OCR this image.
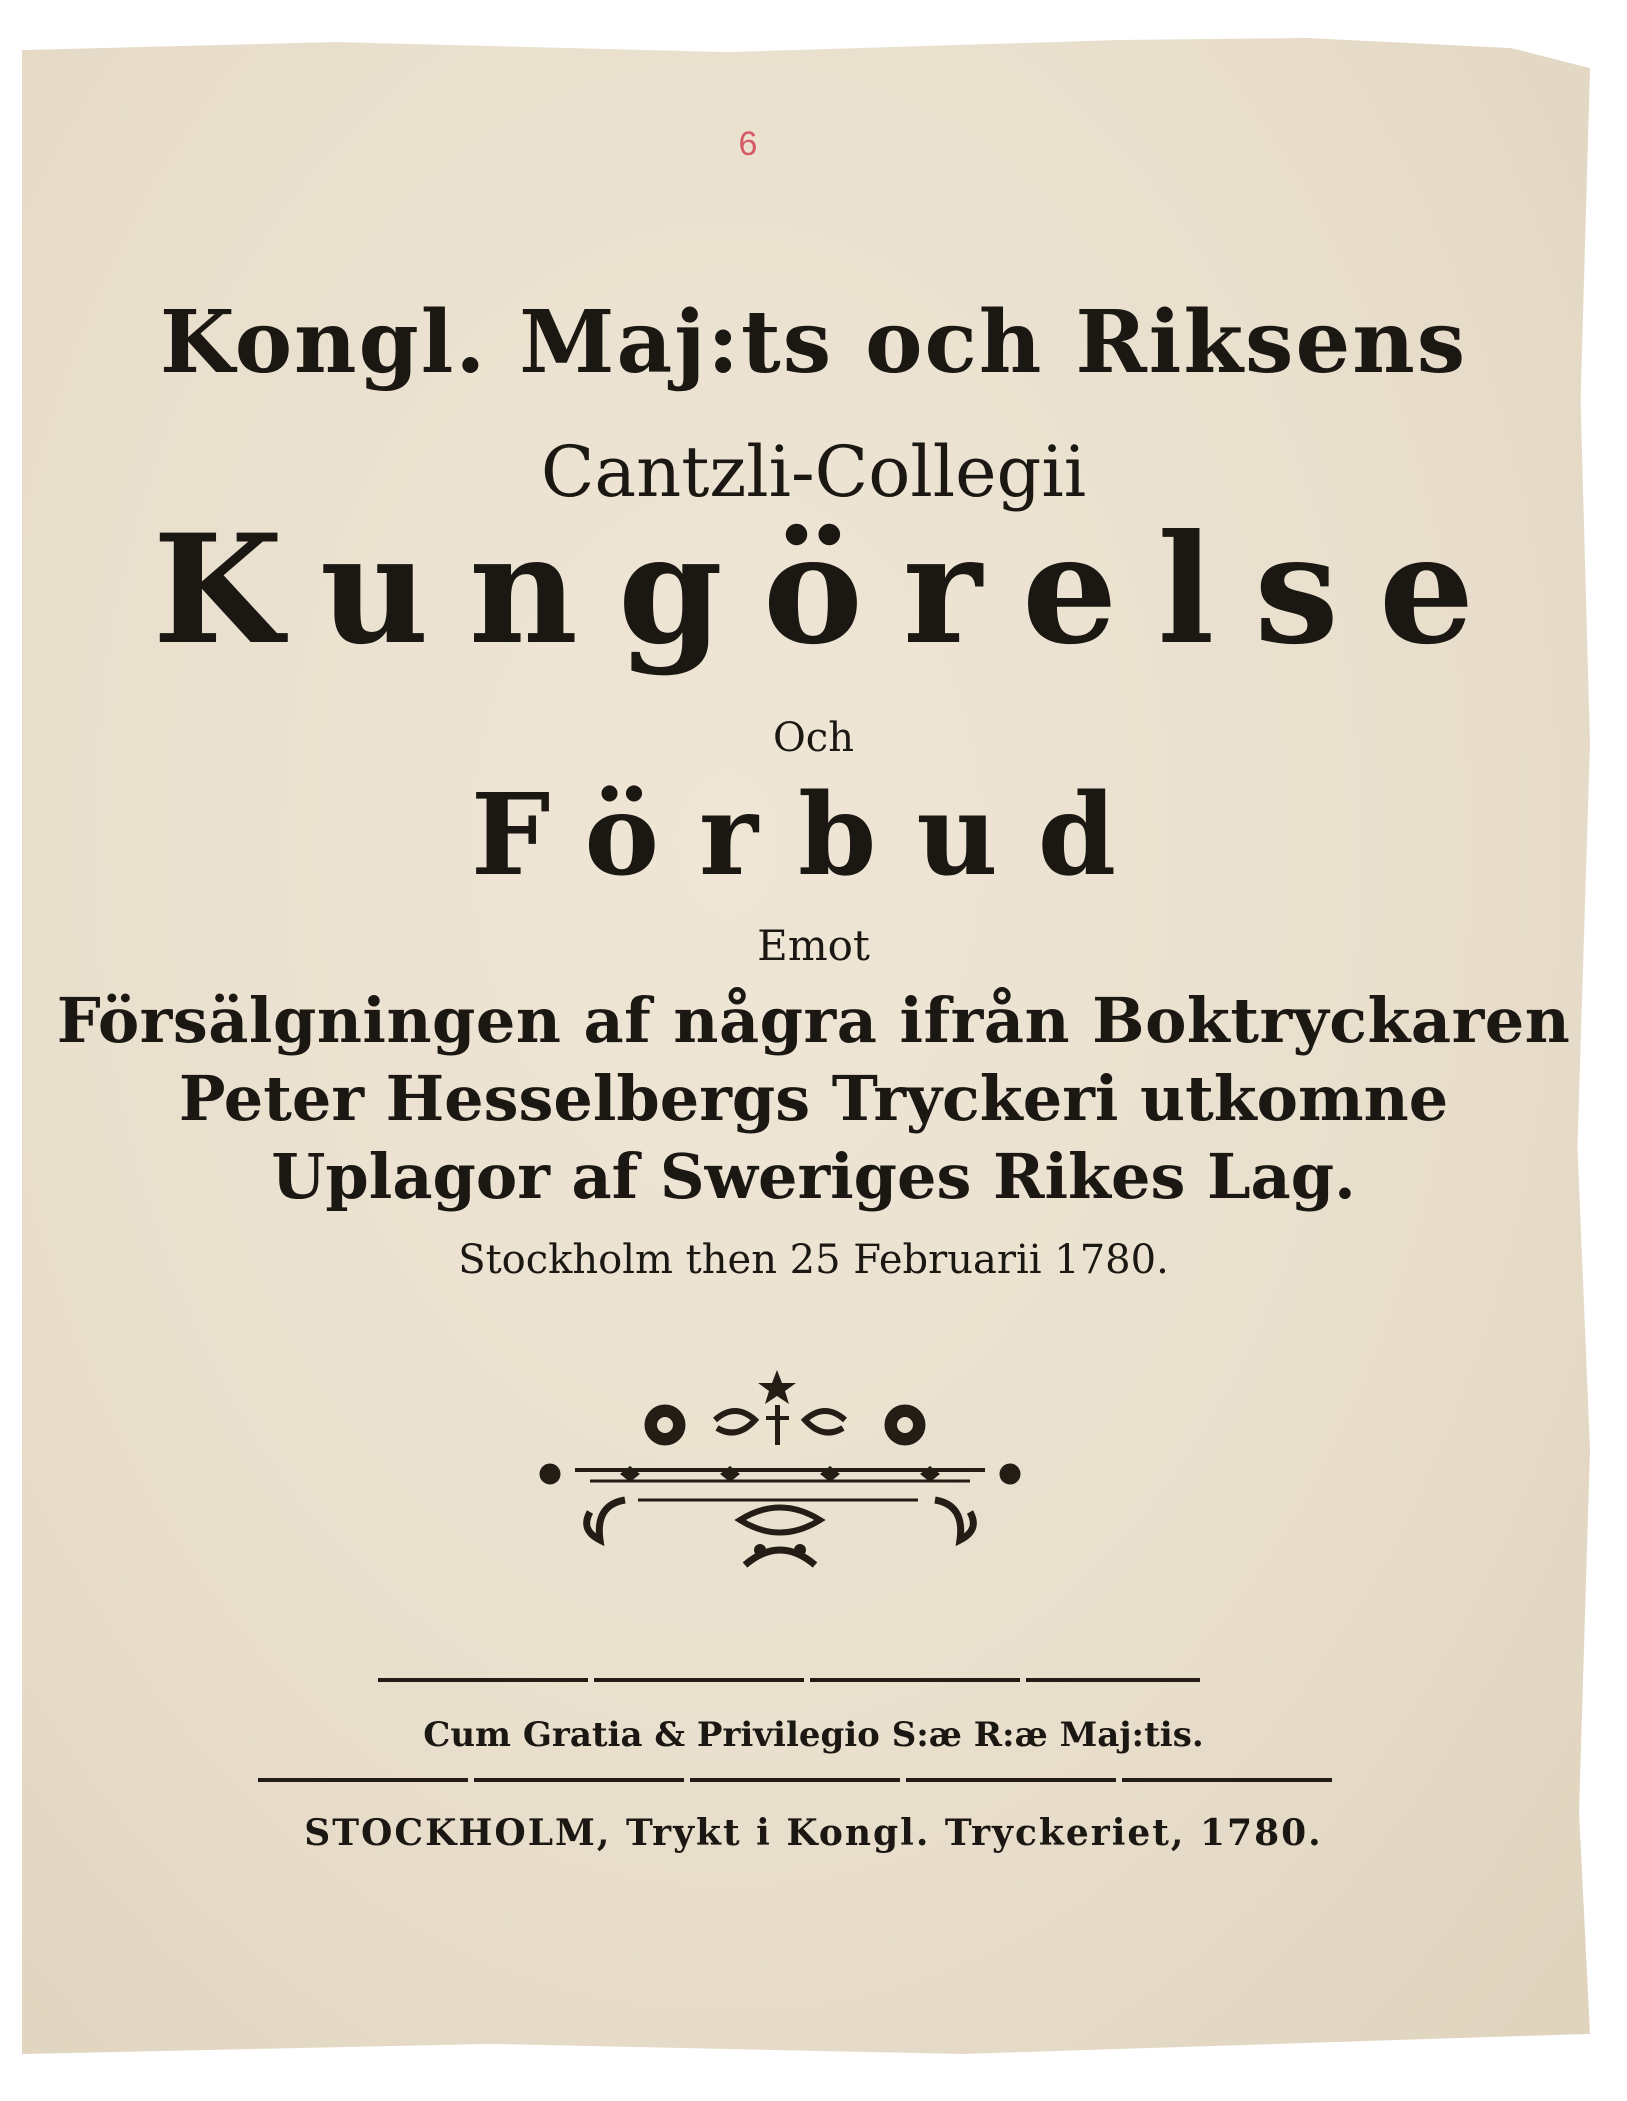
6
Kongl. Maj:ts och Riksens
Cantzli-Collegii
Kungörelse
Och
Förbud
Emot
Försälgningen af några ifrån Boktryckaren
Peter Hesselbergs Tryckeri utkomne
Uplagor af Sweriges Rikes Lag.
Stockholm then 25 Februarii 1780.
Cum Gratia & Privilegio S:æ R:æ Maj:tis.
STOCKHOLM, Trykt i Kongl. Tryckeriet, 1780.
